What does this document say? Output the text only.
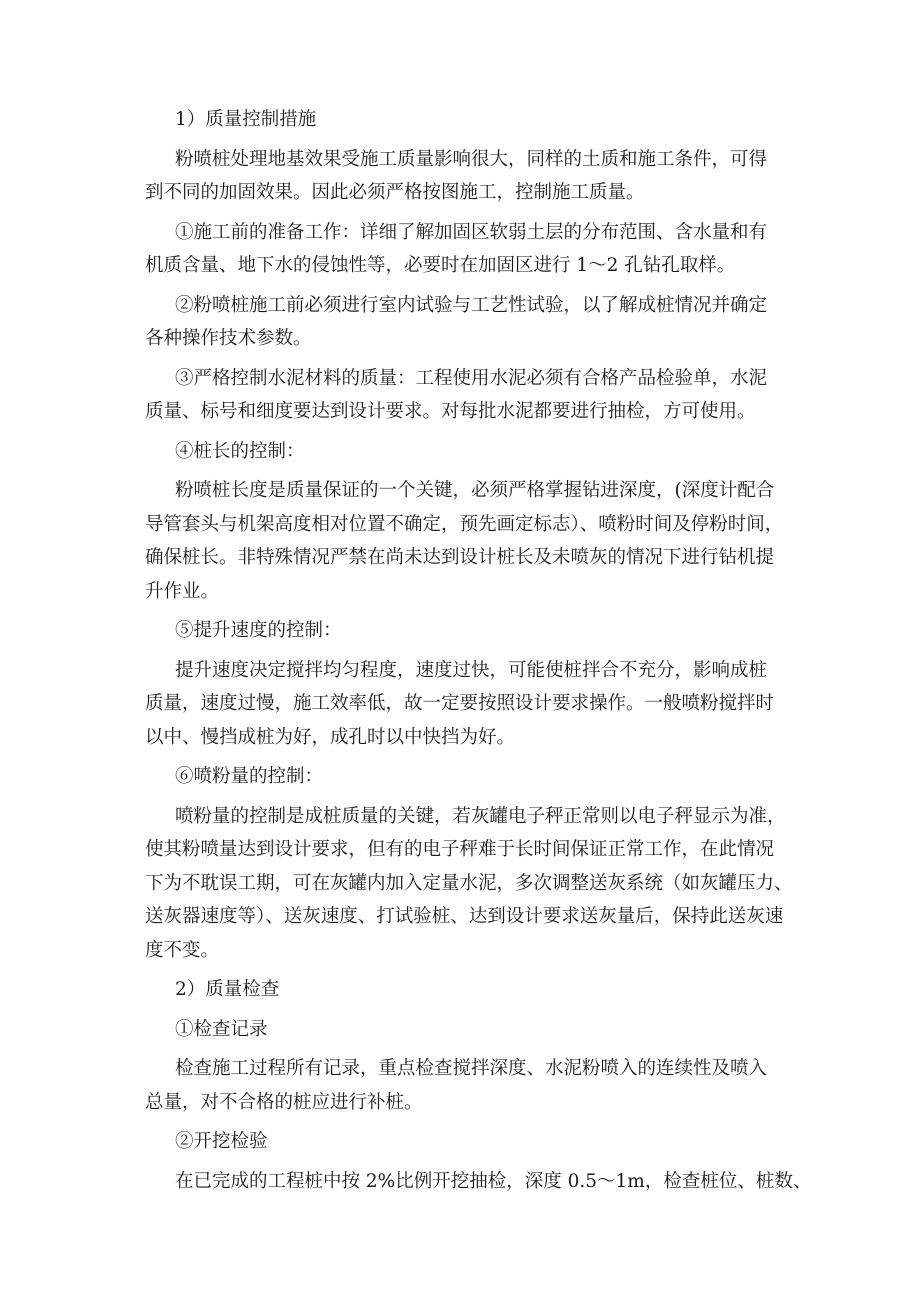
1）质量控制措施
粉喷桩处理地基效果受施工质量影响很大，同样的土质和施工条件，可得
到不同的加固效果。因此必须严格按图施工，控制施工质量。
①施工前的准备工作：详细了解加固区软弱土层的分布范围、含水量和有
机质含量、地下水的侵蚀性等，必要时在加固区进行 1～2 孔钻孔取样。
②粉喷桩施工前必须进行室内试验与工艺性试验，以了解成桩情况并确定
各种操作技术参数。
③严格控制水泥材料的质量：工程使用水泥必须有合格产品检验单，水泥
质量、标号和细度要达到设计要求。对每批水泥都要进行抽检，方可使用。
④桩长的控制：
粉喷桩长度是质量保证的一个关键，必须严格掌握钻进深度，(深度计配合
导管套头与机架高度相对位置不确定，预先画定标志）、喷粉时间及停粉时间，
确保桩长。非特殊情况严禁在尚未达到设计桩长及未喷灰的情况下进行钻机提
升作业。
⑤提升速度的控制：
提升速度决定搅拌均匀程度，速度过快，可能使桩拌合不充分，影响成桩
质量，速度过慢，施工效率低，故一定要按照设计要求操作。一般喷粉搅拌时
以中、慢挡成桩为好，成孔时以中快挡为好。
⑥喷粉量的控制：
喷粉量的控制是成桩质量的关键，若灰罐电子秤正常则以电子秤显示为准，
使其粉喷量达到设计要求，但有的电子秤难于长时间保证正常工作，在此情况
下为不耽误工期，可在灰罐内加入定量水泥，多次调整送灰系统（如灰罐压力、
送灰器速度等）、送灰速度、打试验桩、达到设计要求送灰量后，保持此送灰速
度不变。
2）质量检查
①检查记录
检查施工过程所有记录，重点检查搅拌深度、水泥粉喷入的连续性及喷入
总量，对不合格的桩应进行补桩。
②开挖检验
在已完成的工程桩中按 2%比例开挖抽检，深度 0.5～1m，检查桩位、桩数、
